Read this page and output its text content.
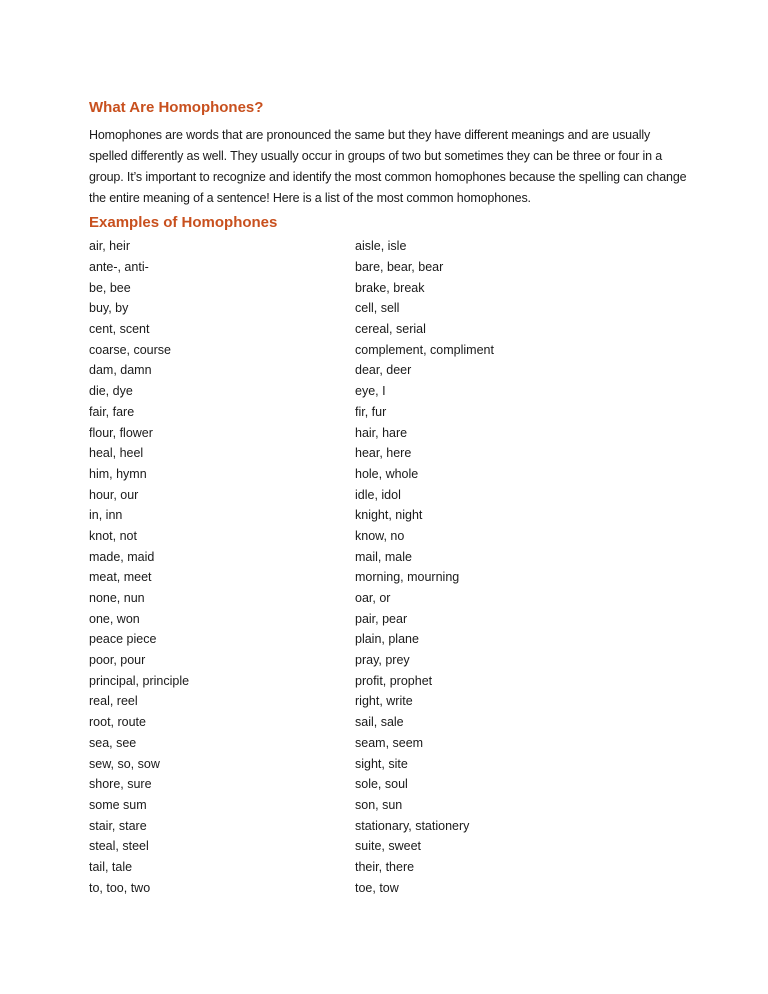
What Are Homophones?

Homophones are words that are pronounced the same but they have different meanings and are usually spelled differently as well. They usually occur in groups of two but sometimes they can be three or four in a group. It’s important to recognize and identify the most common homophones because the spelling can change the entire meaning of a sentence! Here is a list of the most common homophones.

Examples of Homophones
air, heir	aisle, isle
ante-, anti-	bare, bear, bear
be, bee	brake, break
buy, by	cell, sell
cent, scent	cereal, serial
coarse, course	complement, compliment
dam, damn	dear, deer
die, dye	eye, I
fair, fare	fir, fur
flour, flower	hair, hare
heal, heel	hear, here
him, hymn	hole, whole
hour, our	idle, idol
in, inn	knight, night
knot, not	know, no
made, maid	mail, male
meat, meet	morning, mourning
none, nun	oar, or
one, won	pair, pear
peace piece	plain, plane
poor, pour	pray, prey
principal, principle	profit, prophet
real, reel	right, write
root, route	sail, sale
sea, see	seam, seem
sew, so, sow	sight, site
shore, sure	sole, soul
some sum	son, sun
stair, stare	stationary, stationery
steal, steel	suite, sweet
tail, tale	their, there
to, too, two	toe, tow
